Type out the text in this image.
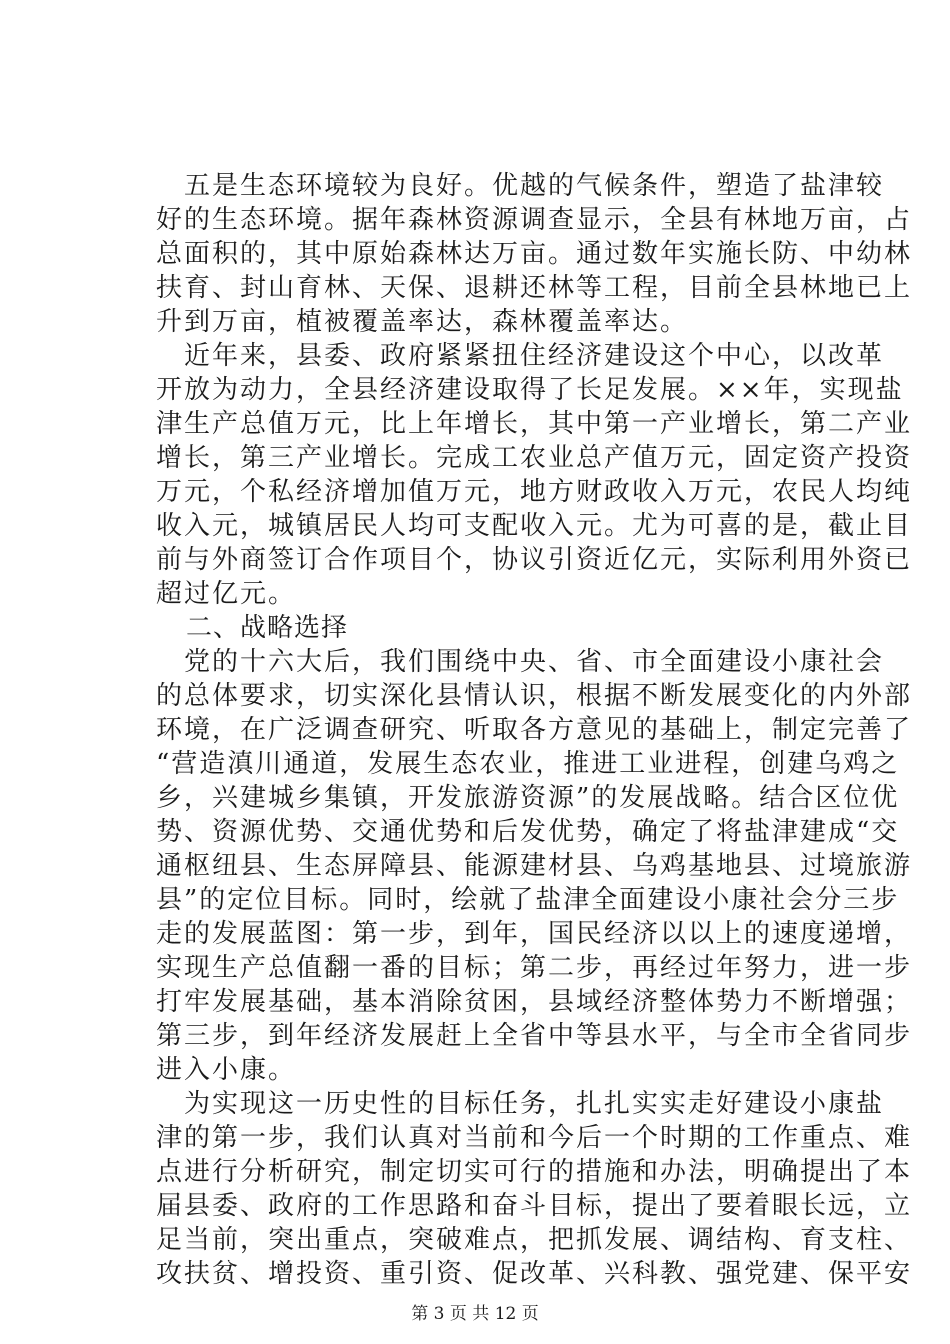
五是生态环境较为良好。优越的气候条件，塑造了盐津较
好的生态环境。据年森林资源调查显示，全县有林地万亩，占
总面积的，其中原始森林达万亩。通过数年实施长防、中幼林
扶育、封山育林、天保、退耕还林等工程，目前全县林地已上
升到万亩，植被覆盖率达，森林覆盖率达。
近年来，县委、政府紧紧扭住经济建设这个中心，以改革
开放为动力，全县经济建设取得了长足发展。××年，实现盐
津生产总值万元，比上年增长，其中第一产业增长，第二产业
增长，第三产业增长。完成工农业总产值万元，固定资产投资
万元，个私经济增加值万元，地方财政收入万元，农民人均纯
收入元，城镇居民人均可支配收入元。尤为可喜的是，截止目
前与外商签订合作项目个，协议引资近亿元，实际利用外资已
超过亿元。
二、战略选择
党的十六大后，我们围绕中央、省、市全面建设小康社会
的总体要求，切实深化县情认识，根据不断发展变化的内外部
环境，在广泛调查研究、听取各方意见的基础上，制定完善了
“营造滇川通道，发展生态农业，推进工业进程，创建乌鸡之
乡，兴建城乡集镇，开发旅游资源”的发展战略。结合区位优
势、资源优势、交通优势和后发优势，确定了将盐津建成“交
通枢纽县、生态屏障县、能源建材县、乌鸡基地县、过境旅游
县”的定位目标。同时，绘就了盐津全面建设小康社会分三步
走的发展蓝图：第一步，到年，国民经济以以上的速度递增，
实现生产总值翻一番的目标；第二步，再经过年努力，进一步
打牢发展基础，基本消除贫困，县域经济整体势力不断增强；
第三步，到年经济发展赶上全省中等县水平，与全市全省同步
进入小康。
为实现这一历史性的目标任务，扎扎实实走好建设小康盐
津的第一步，我们认真对当前和今后一个时期的工作重点、难
点进行分析研究，制定切实可行的措施和办法，明确提出了本
届县委、政府的工作思路和奋斗目标，提出了要着眼长远，立
足当前，突出重点，突破难点，把抓发展、调结构、育支柱、
攻扶贫、增投资、重引资、促改革、兴科教、强党建、保平安
第 3 页 共 12 页
